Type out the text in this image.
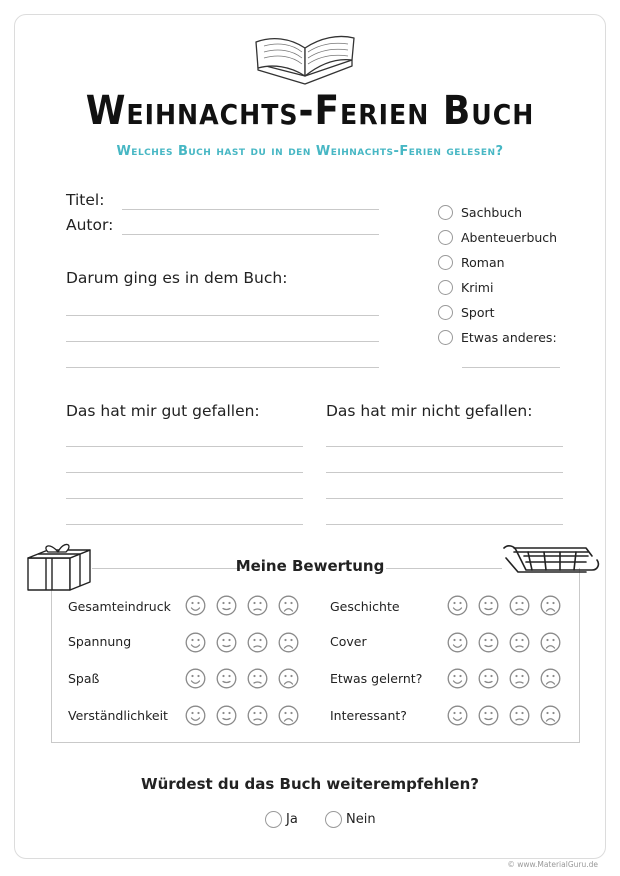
Weihnachts-Ferien Buch
Welches Buch hast du in den Weihnachts-Ferien gelesen?
Titel:
Autor:
Darum ging es in dem Buch:
Sachbuch
Abenteuerbuch
Roman
Krimi
Sport
Etwas anderes:
Das hat mir gut gefallen:	Das hat mir nicht gefallen:
Meine Bewertung
Gesamteindruck
Spannung
Spaß
Verständlichkeit
Geschichte
Cover
Etwas gelernt?
Interessant?
Würdest du das Buch weiterempfehlen?
Ja	Nein
© www.MaterialGuru.de
